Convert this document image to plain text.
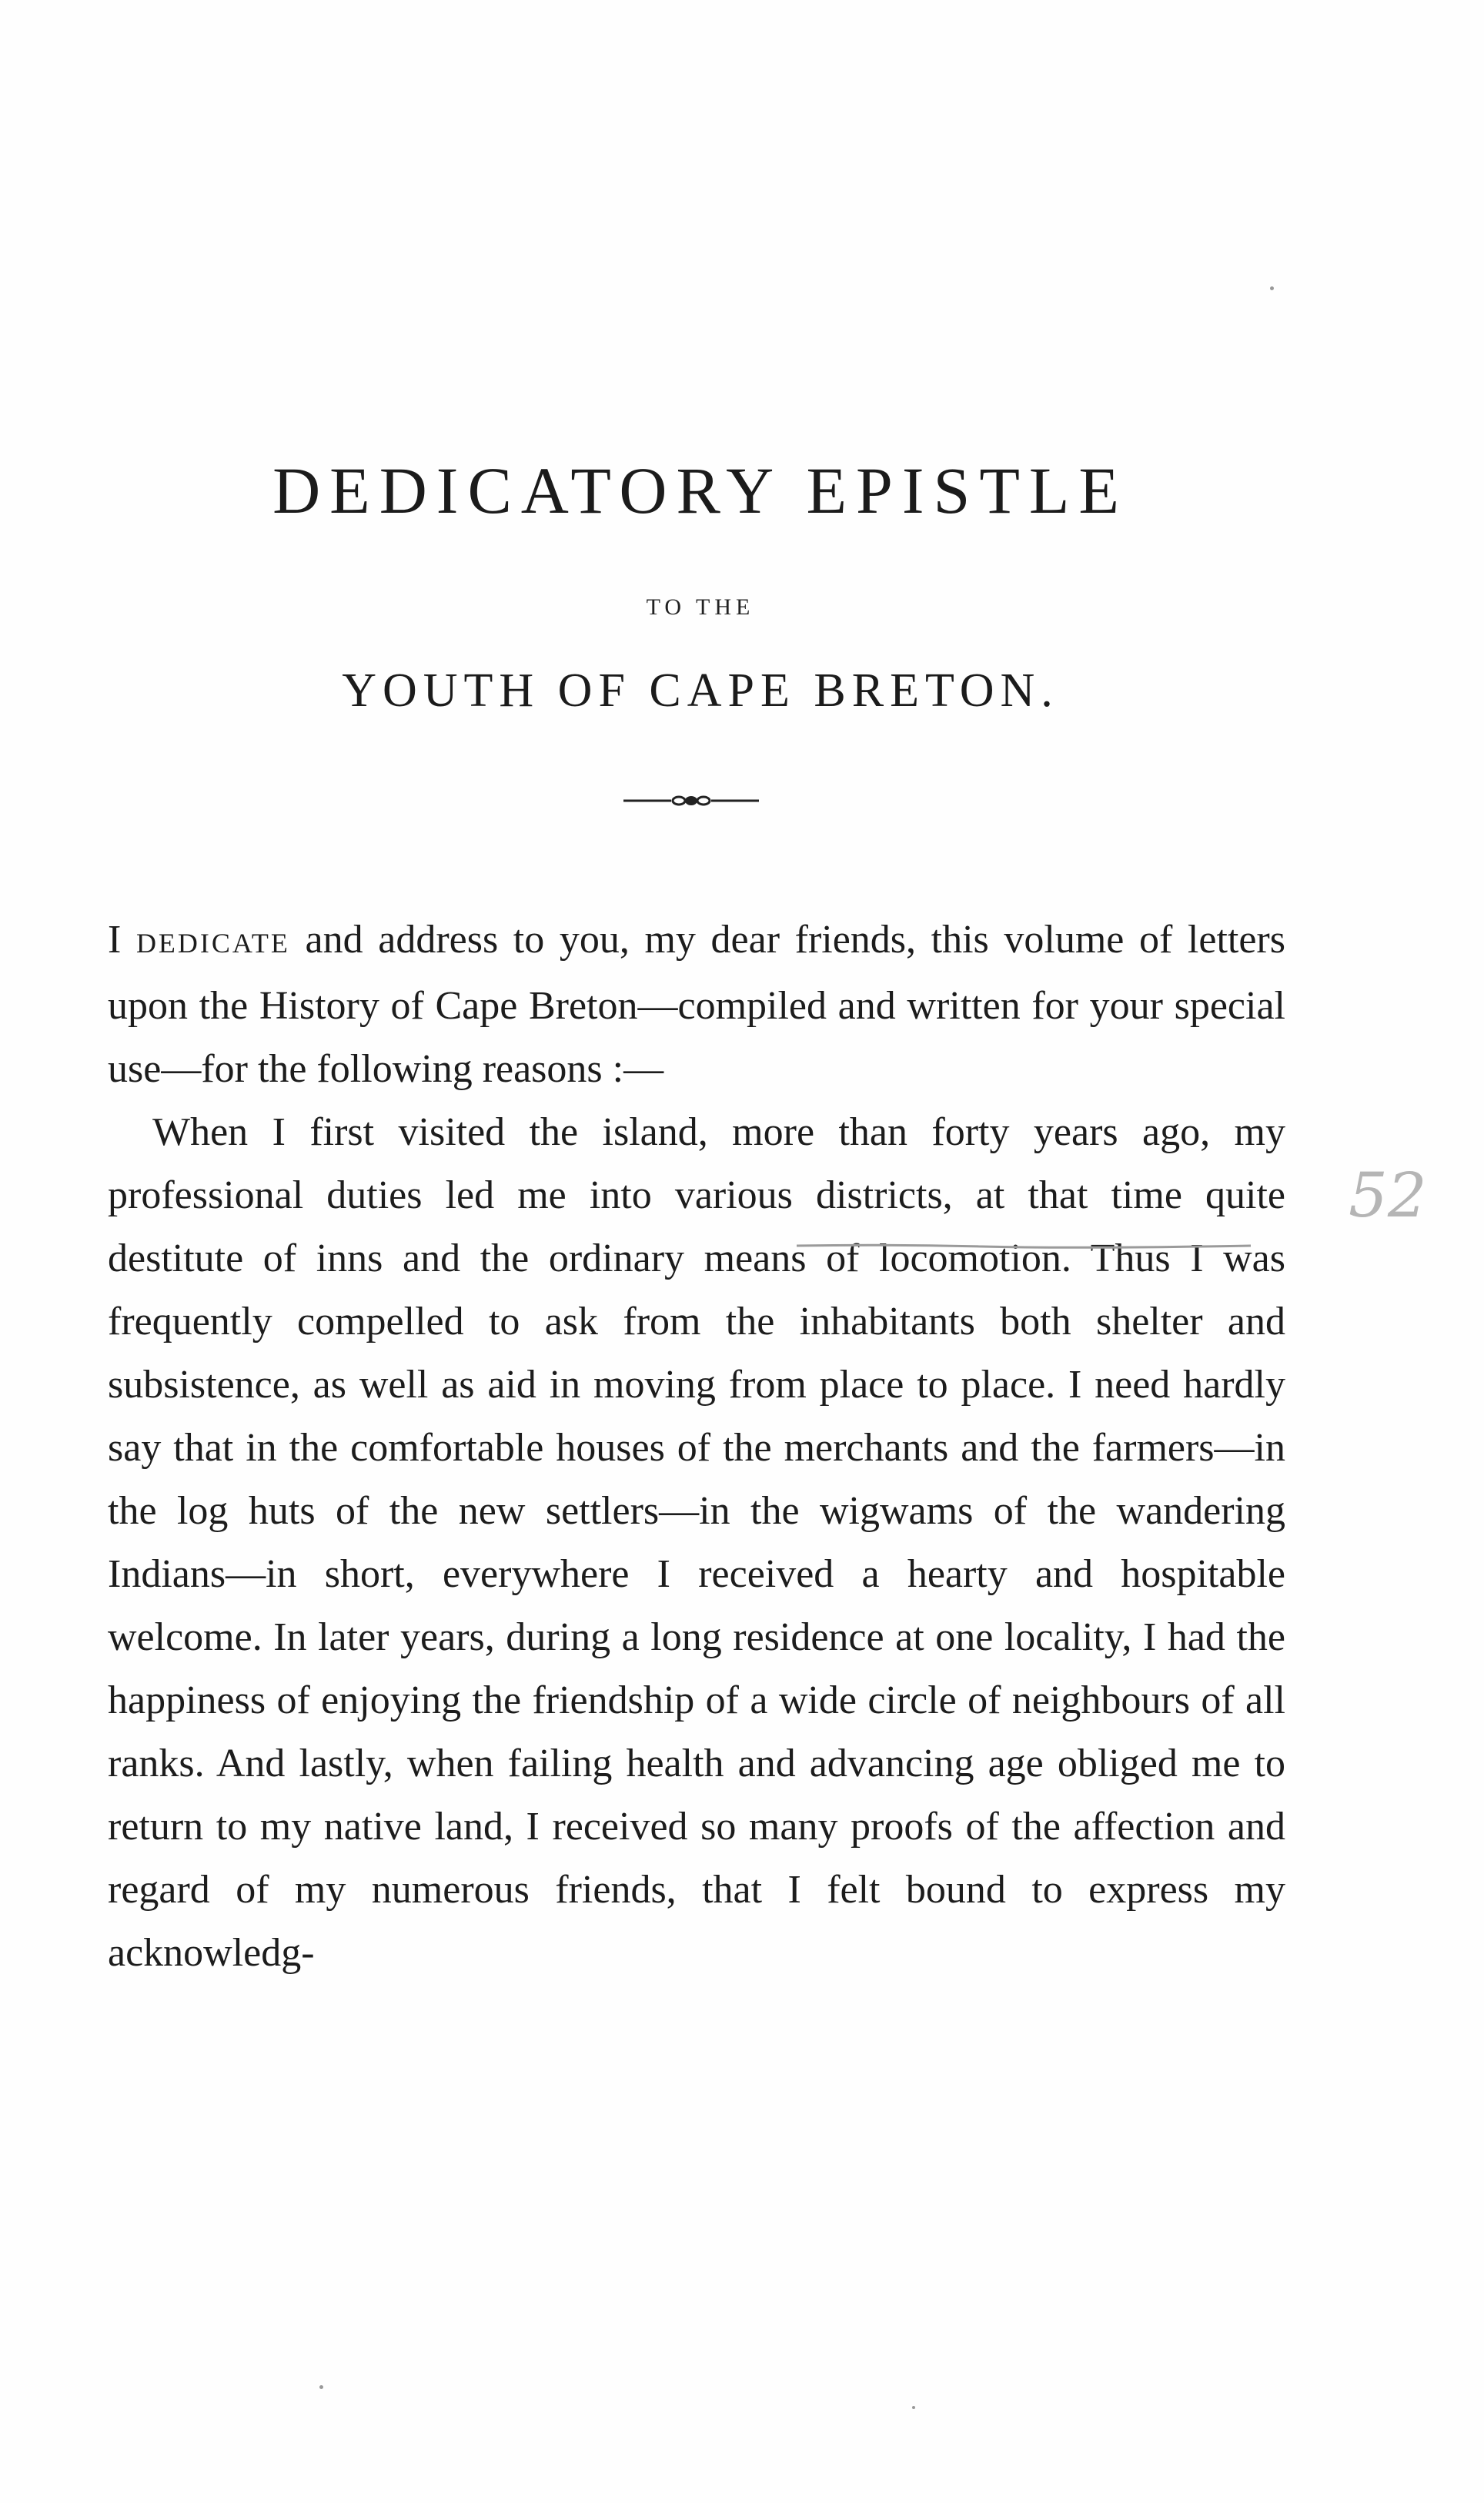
DEDICATORY EPISTLE
TO THE
YOUTH OF CAPE BRETON.

I DEDICATE and address to you, my dear friends, this volume of letters upon the History of Cape Breton—compiled and written for your special use—for the following reasons :—

When I first visited the island, more than forty years ago, my professional duties led me into various districts, at that time quite destitute of inns and the ordinary means of locomotion. Thus I was frequently compelled to ask from the inhabitants both shelter and subsistence, as well as aid in moving from place to place. I need hardly say that in the comfortable houses of the merchants and the farmers—in the log huts of the new settlers—in the wigwams of the wandering Indians—in short, everywhere I received a hearty and hospitable welcome. In later years, during a long residence at one locality, I had the happiness of enjoying the friendship of a wide circle of neighbours of all ranks. And lastly, when failing health and advancing age obliged me to return to my native land, I received so many proofs of the affection and regard of my numerous friends, that I felt bound to express my acknowledg-

52
